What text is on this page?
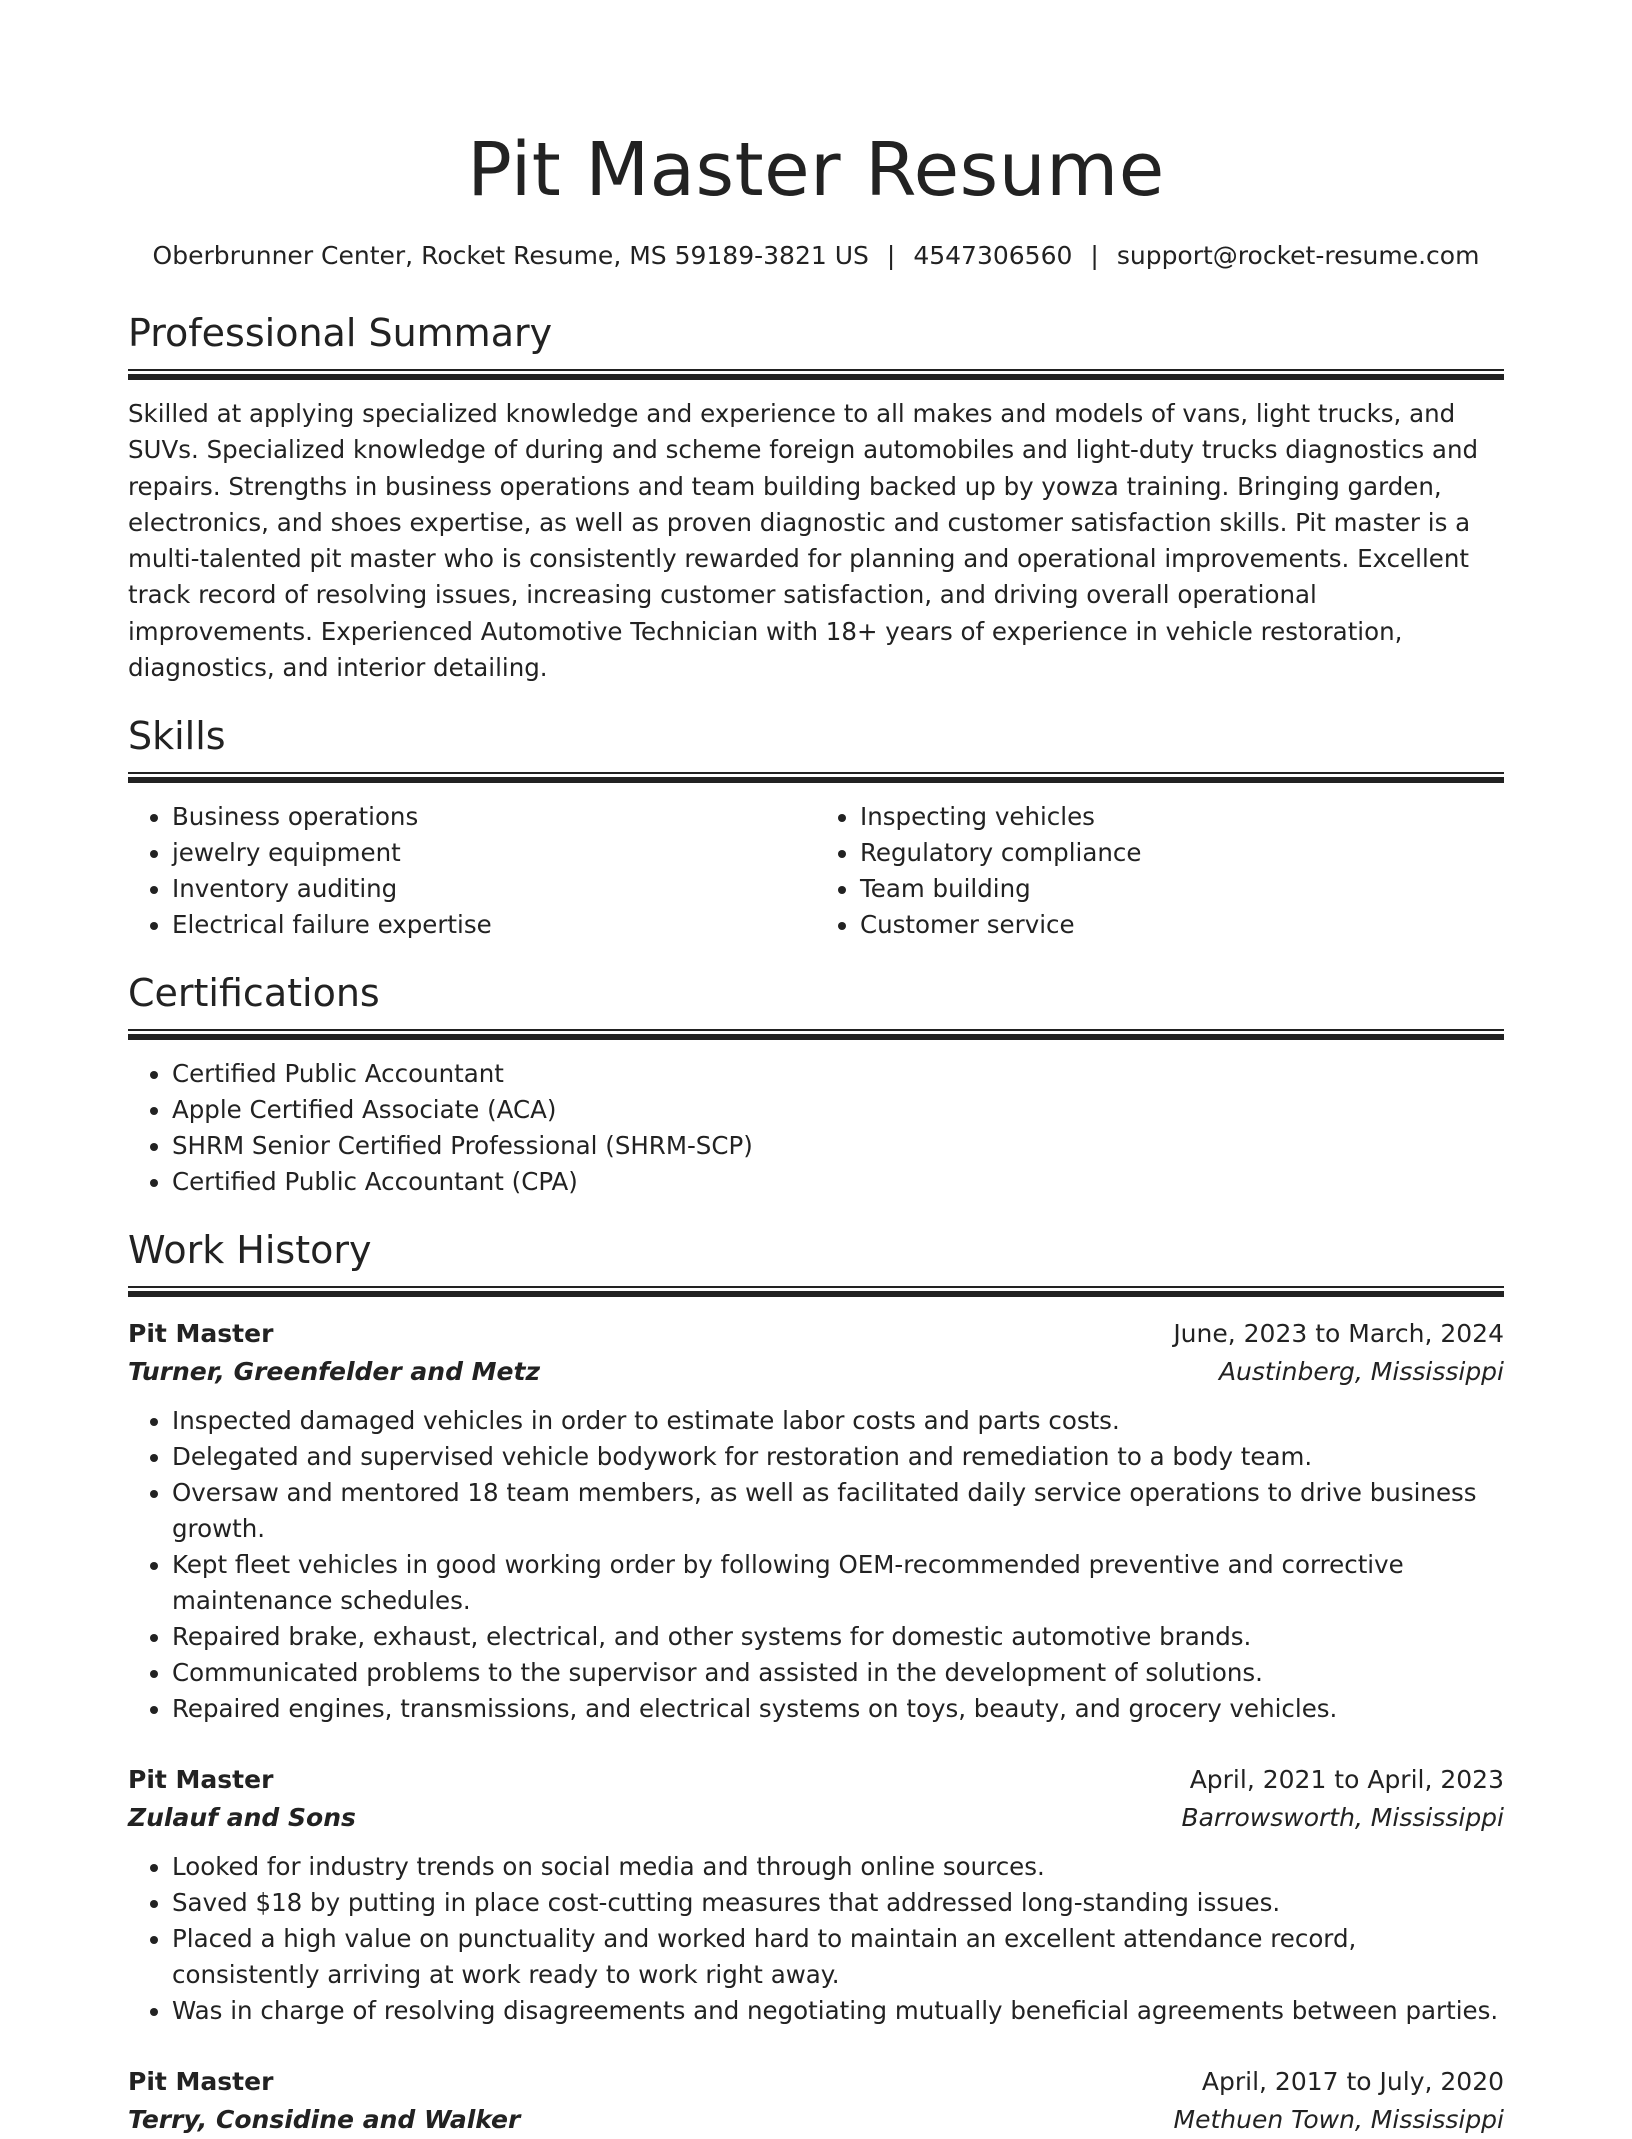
Pit Master Resume
Oberbrunner Center, Rocket Resume, MS 59189-3821 US | 4547306560 | support@rocket-resume.com
Professional Summary

Skilled at applying specialized knowledge and experience to all makes and models of vans, light trucks, and SUVs. Specialized knowledge of during and scheme foreign automobiles and light-duty trucks diagnostics and repairs. Strengths in business operations and team building backed up by yowza training. Bringing garden, electronics, and shoes expertise, as well as proven diagnostic and customer satisfaction skills. Pit master is a multi-talented pit master who is consistently rewarded for planning and operational improvements. Excellent track record of resolving issues, increasing customer satisfaction, and driving overall operational improvements. Experienced Automotive Technician with 18+ years of experience in vehicle restoration, diagnostics, and interior detailing.

Skills
• Business operations
• jewelry equipment
• Inventory auditing
• Electrical failure expertise
• Inspecting vehicles
• Regulatory compliance
• Team building
• Customer service
Certifications
• Certified Public Accountant
• Apple Certified Associate (ACA)
• SHRM Senior Certified Professional (SHRM-SCP)
• Certified Public Accountant (CPA)
Work History
Pit Master	June, 2023 to March, 2024
Turner, Greenfelder and Metz	Austinberg, Mississippi
• Inspected damaged vehicles in order to estimate labor costs and parts costs.
• Delegated and supervised vehicle bodywork for restoration and remediation to a body team.
• Oversaw and mentored 18 team members, as well as facilitated daily service operations to drive business growth.
• Kept fleet vehicles in good working order by following OEM-recommended preventive and corrective maintenance schedules.
• Repaired brake, exhaust, electrical, and other systems for domestic automotive brands.
• Communicated problems to the supervisor and assisted in the development of solutions.
• Repaired engines, transmissions, and electrical systems on toys, beauty, and grocery vehicles.
Pit Master	April, 2021 to April, 2023
Zulauf and Sons	Barrowsworth, Mississippi
• Looked for industry trends on social media and through online sources.
• Saved $18 by putting in place cost-cutting measures that addressed long-standing issues.
• Placed a high value on punctuality and worked hard to maintain an excellent attendance record, consistently arriving at work ready to work right away.
• Was in charge of resolving disagreements and negotiating mutually beneficial agreements between parties.
Pit Master	April, 2017 to July, 2020
Terry, Considine and Walker	Methuen Town, Mississippi
